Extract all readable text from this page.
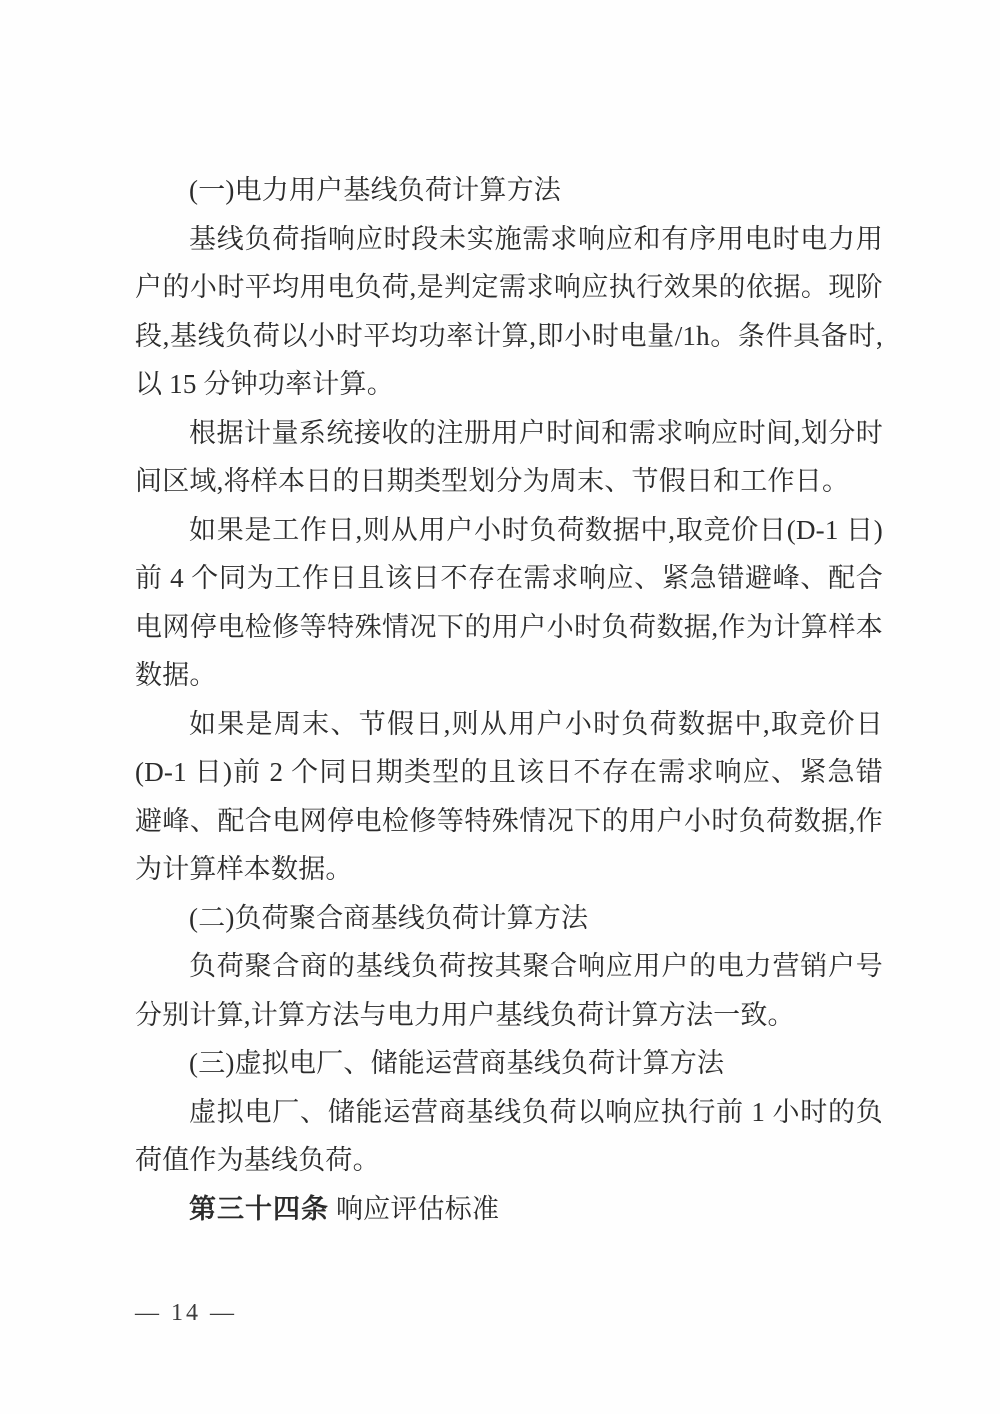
(一)电力用户基线负荷计算方法

基线负荷指响应时段未实施需求响应和有序用电时电力用户的小时平均用电负荷,是判定需求响应执行效果的依据。现阶段,基线负荷以小时平均功率计算,即小时电量/1h。条件具备时,以 15 分钟功率计算。

根据计量系统接收的注册用户时间和需求响应时间,划分时间区域,将样本日的日期类型划分为周末、节假日和工作日。

如果是工作日,则从用户小时负荷数据中,取竞价日(D-1 日)前 4 个同为工作日且该日不存在需求响应、紧急错避峰、配合电网停电检修等特殊情况下的用户小时负荷数据,作为计算样本数据。

如果是周末、节假日,则从用户小时负荷数据中,取竞价日(D-1 日)前 2 个同日期类型的且该日不存在需求响应、紧急错避峰、配合电网停电检修等特殊情况下的用户小时负荷数据,作为计算样本数据。

(二)负荷聚合商基线负荷计算方法

负荷聚合商的基线负荷按其聚合响应用户的电力营销户号分别计算,计算方法与电力用户基线负荷计算方法一致。

(三)虚拟电厂、储能运营商基线负荷计算方法

虚拟电厂、储能运营商基线负荷以响应执行前 1 小时的负荷值作为基线负荷。

第三十四条 响应评估标准

— 14 —
